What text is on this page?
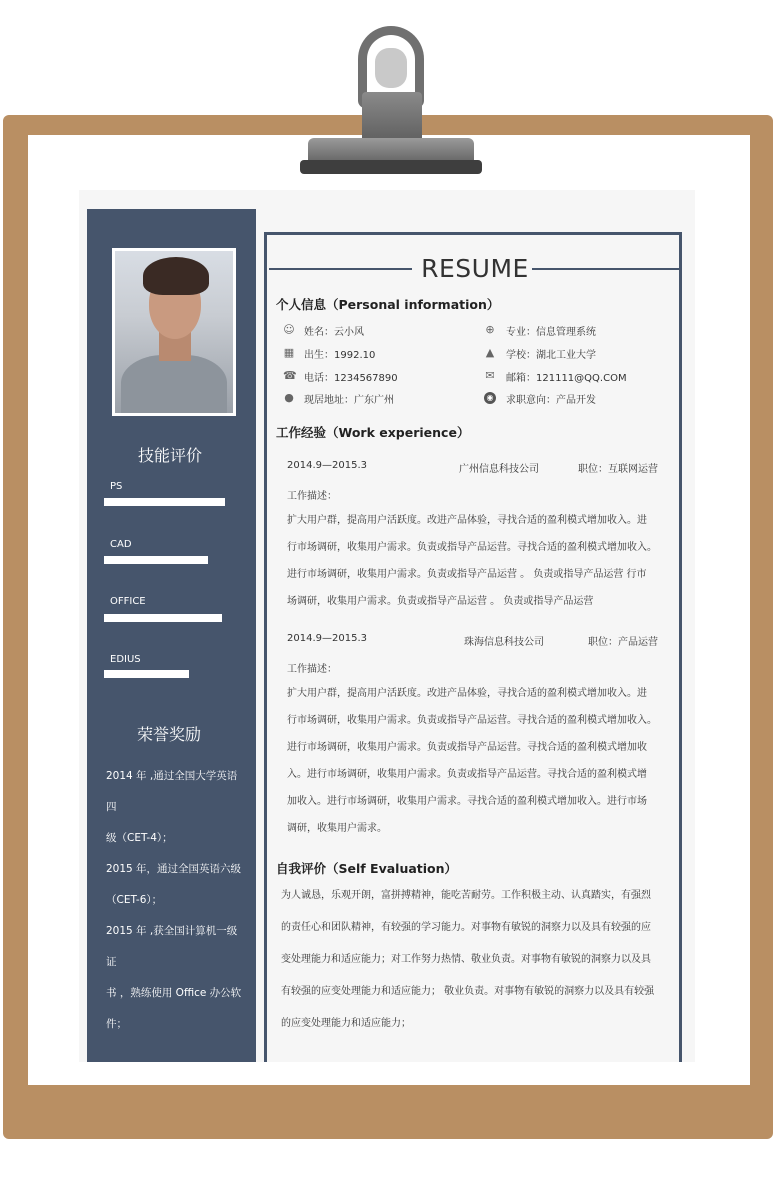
技能评价
PS
CAD
OFFICE
EDIUS
荣誉奖励
2014 年 ,通过全国大学英语四
级（CET-4）；
2015 年，通过全国英语六级
（CET-6）；
2015 年 ,获全国计算机一级证
书 ，熟练使用 Office 办公软
件；
RESUME
个人信息（Personal information）
☺ 姓名：云小风	⊕ 专业：信息管理系统
▦ 出生：1992.10	▲ 学校：湖北工业大学
☎ 电话：1234567890	✉ 邮箱：121111@QQ.COM
● 现居地址：广东广州	◉ 求职意向：产品开发
工作经验（Work experience）
2014.9—2015.3	广州信息科技公司	职位：互联网运营
工作描述：
扩大用户群，提高用户活跃度。改进产品体验，寻找合适的盈利模式增加收入。进
行市场调研，收集用户需求。负责或指导产品运营。寻找合适的盈利模式增加收入。
进行市场调研，收集用户需求。负责或指导产品运营 。 负责或指导产品运营 行市
场调研，收集用户需求。负责或指导产品运营 。 负责或指导产品运营
2014.9—2015.3	珠海信息科技公司	职位：产品运营
工作描述：
扩大用户群，提高用户活跃度。改进产品体验，寻找合适的盈利模式增加收入。进
行市场调研，收集用户需求。负责或指导产品运营。寻找合适的盈利模式增加收入。
进行市场调研，收集用户需求。负责或指导产品运营。寻找合适的盈利模式增加收
入。进行市场调研，收集用户需求。负责或指导产品运营。寻找合适的盈利模式增
加收入。进行市场调研，收集用户需求。寻找合适的盈利模式增加收入。进行市场
调研，收集用户需求。
自我评价（Self Evaluation）
为人诚恳，乐观开朗，富拼搏精神，能吃苦耐劳。工作积极主动、认真踏实，有强烈
的责任心和团队精神，有较强的学习能力。对事物有敏锐的洞察力以及具有较强的应
变处理能力和适应能力；对工作努力热情、敬业负责。对事物有敏锐的洞察力以及具
有较强的应变处理能力和适应能力； 敬业负责。对事物有敏锐的洞察力以及具有较强
的应变处理能力和适应能力；
